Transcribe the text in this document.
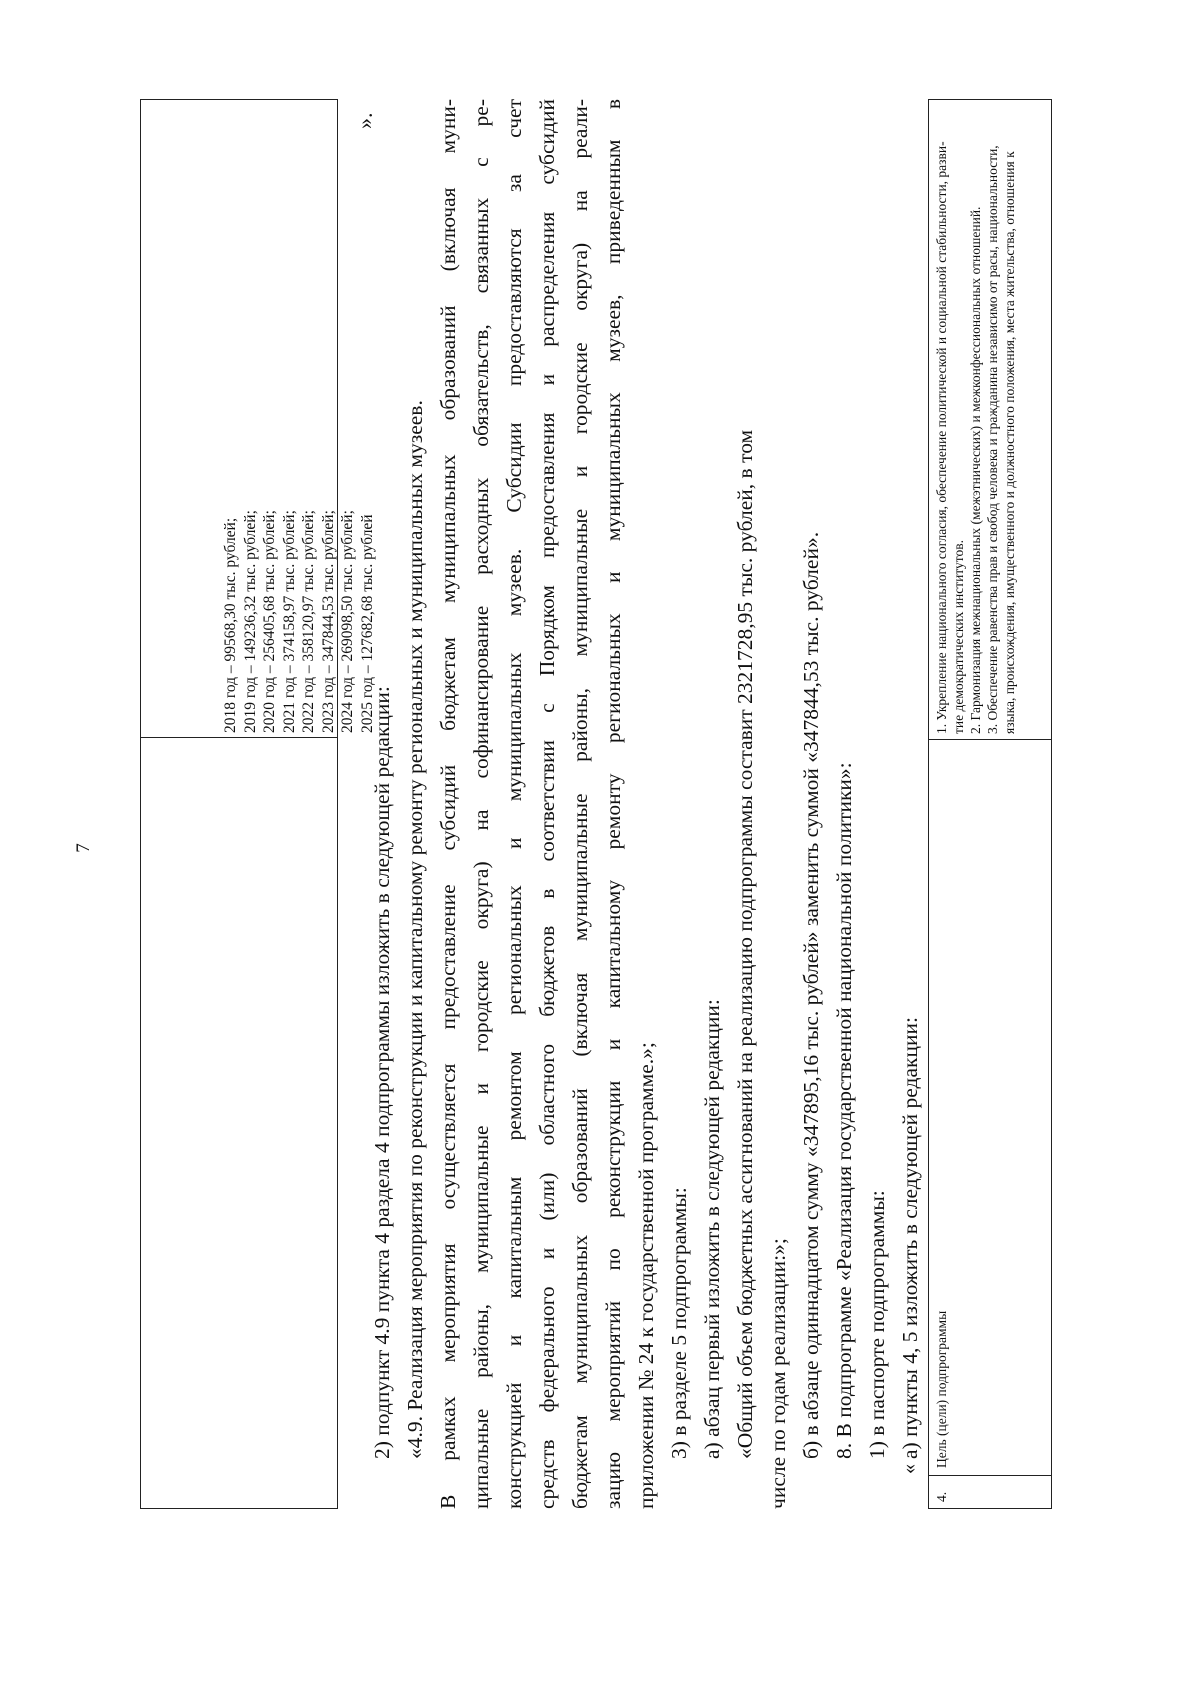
7
2018 год – 99568,30 тыс. рублей; 2019 год – 149236,32 тыс. рублей; 2020 год – 256405,68 тыс. рублей; 2021 год – 374158,97 тыс. рублей; 2022 год – 358120,97 тыс. рублей; 2023 год – 347844,53 тыс. рублей; 2024 год – 269098,50 тыс. рублей; 2025 год – 127682,68 тыс. рублей
».

2) подпункт 4.9 пункта 4 раздела 4 подпрограммы изложить в следующей редакции: «4.9. Реализация мероприятия по реконструкции и капитальному ремонту региональных и муниципальных музеев. В рамках мероприятия осуществляется предоставление субсидий бюджетам муниципальных образований (включая муни- ципальные районы, муниципальные и городские округа) на софинансирование расходных обязательств, связанных с ре- конструкцией и капитальным ремонтом региональных и муниципальных музеев. Субсидии предоставляются за счет средств федерального и (или) областного бюджетов в соответствии с Порядком предоставления и распределения субсидий бюджетам муниципальных образований (включая муниципальные районы, муниципальные и городские округа) на реали- зацию мероприятий по реконструкции и капитальному ремонту региональных и муниципальных музеев, приведенным в приложении № 24 к государственной программе.»; 3) в разделе 5 подпрограммы: а) абзац первый изложить в следующей редакции: «Общий объем бюджетных ассигнований на реализацию подпрограммы составит 2321728,95 тыс. рублей, в том числе по годам реализации:»; б) в абзаце одиннадцатом сумму «347895,16 тыс. рублей» заменить суммой «347844,53 тыс. рублей». 8. В подпрограмме «Реализация государственной национальной политики»: 1) в паспорте подпрограммы: а) пункты 4, 5 изложить в следующей редакции:

«
4.
Цель (цели) подпрограммы

1. Укрепление национального согласия, обеспечение политической и социальной стабильности, разви- тие демократических институтов. 2. Гармонизация межнациональных (межэтнических) и межконфессиональных отношений. 3. Обеспечение равенства прав и свобод человека и гражданина независимо от расы, национальности, языка, происхождения, имущественного и должностного положения, места жительства, отношения к
